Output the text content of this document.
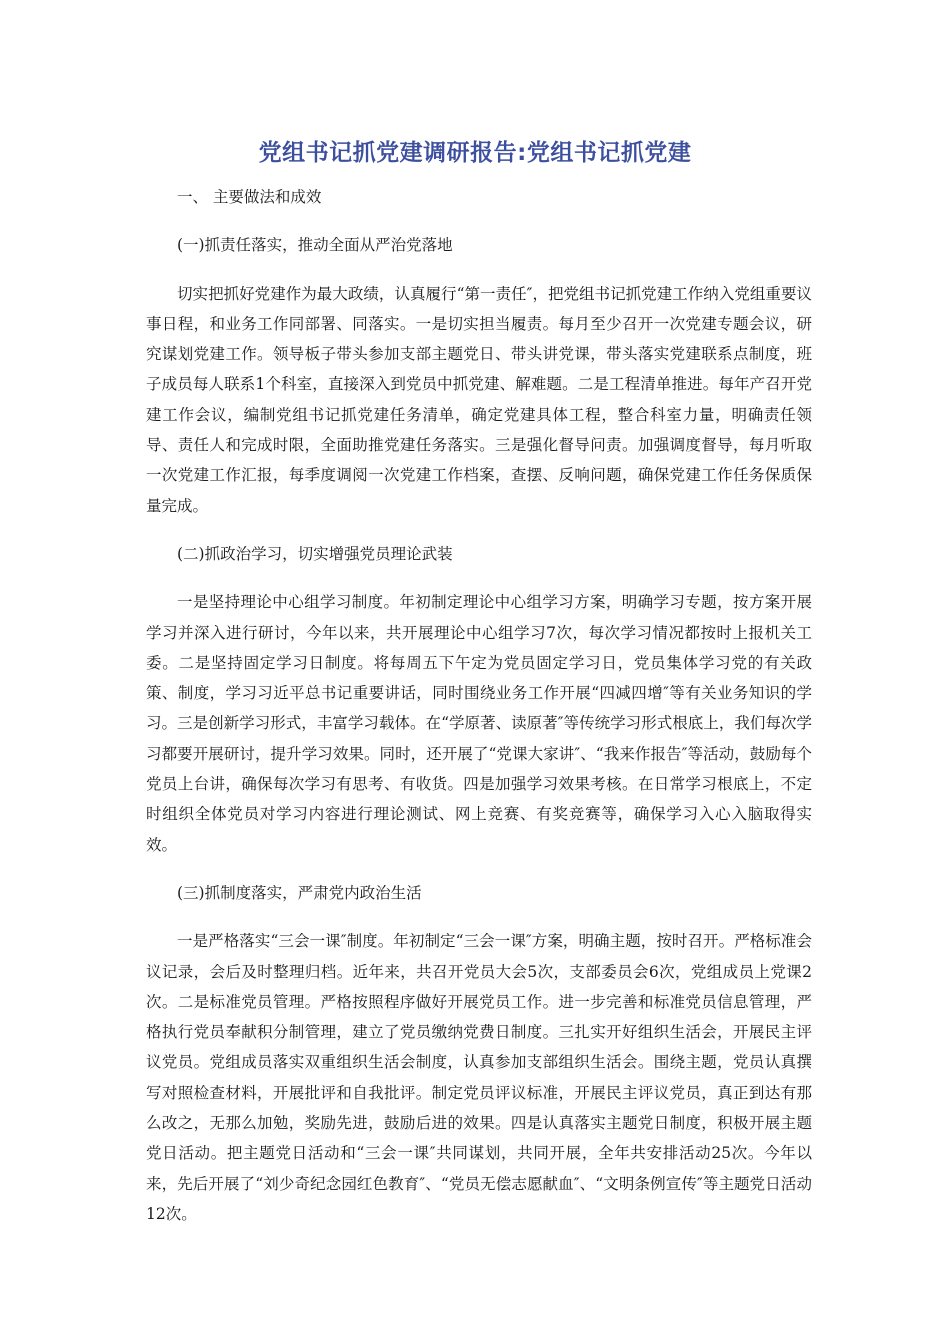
党组书记抓党建调研报告:党组书记抓党建

一、 主要做法和成效

(一)抓责任落实，推动全面从严治党落地

切实把抓好党建作为最大政绩，认真履行“第一责任″，把党组书记抓党建工作纳入党组重要议事日程，和业务工作同部署、同落实。一是切实担当履责。每月至少召开一次党建专题会议，研究谋划党建工作。领导板子带头参加支部主题党日、带头讲党课，带头落实党建联系点制度，班子成员每人联系1个科室，直接深入到党员中抓党建、解难题。二是工程清单推进。每年产召开党建工作会议，编制党组书记抓党建任务清单，确定党建具体工程，整合科室力量，明确责任领导、责任人和完成时限，全面助推党建任务落实。三是强化督导问责。加强调度督导，每月听取一次党建工作汇报，每季度调阅一次党建工作档案，查摆、反响问题，确保党建工作任务保质保量完成。

(二)抓政治学习，切实增强党员理论武装

一是坚持理论中心组学习制度。年初制定理论中心组学习方案，明确学习专题，按方案开展学习并深入进行研讨，今年以来，共开展理论中心组学习7次，每次学习情况都按时上报机关工委。二是坚持固定学习日制度。将每周五下午定为党员固定学习日，党员集体学习党的有关政策、制度，学习习近平总书记重要讲话，同时围绕业务工作开展“四减四增″等有关业务知识的学习。三是创新学习形式，丰富学习载体。在“学原著、读原著″等传统学习形式根底上，我们每次学习都要开展研讨，提升学习效果。同时，还开展了“党课大家讲″、“我来作报告″等活动，鼓励每个党员上台讲，确保每次学习有思考、有收货。四是加强学习效果考核。在日常学习根底上，不定时组织全体党员对学习内容进行理论测试、网上竞赛、有奖竞赛等，确保学习入心入脑取得实效。

(三)抓制度落实，严肃党内政治生活

一是严格落实“三会一课″制度。年初制定“三会一课″方案，明确主题，按时召开。严格标准会议记录，会后及时整理归档。近年来，共召开党员大会5次，支部委员会6次，党组成员上党课2次。二是标准党员管理。严格按照程序做好开展党员工作。进一步完善和标准党员信息管理，严格执行党员奉献积分制管理，建立了党员缴纳党费日制度。三扎实开好组织生活会，开展民主评议党员。党组成员落实双重组织生活会制度，认真参加支部组织生活会。围绕主题，党员认真撰写对照检查材料，开展批评和自我批评。制定党员评议标准，开展民主评议党员，真正到达有那么改之，无那么加勉，奖励先进，鼓励后进的效果。四是认真落实主题党日制度，积极开展主题党日活动。把主题党日活动和“三会一课″共同谋划，共同开展，全年共安排活动25次。今年以来，先后开展了“刘少奇纪念园红色教育″、“党员无偿志愿献血″、“文明条例宣传″等主题党日活动12次。
